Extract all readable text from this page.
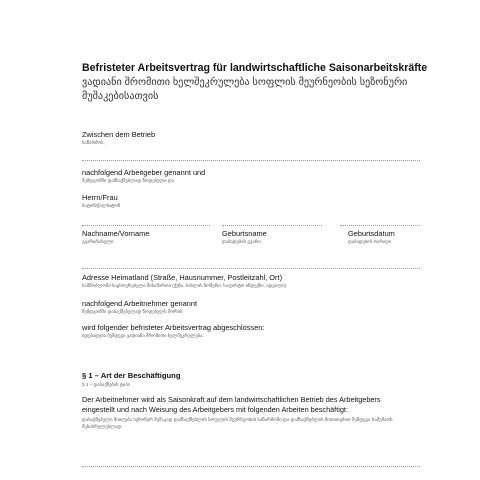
Befristeter Arbeitsvertrag für landwirtschaftliche Saisonarbeitskräfte
ვადიანი შრომითი ხელშეკრულება სოფლის მეურნეობის სეზონური მუშაკებისათვის
Zwischen dem Betrieb
საწარმოს,
nachfolgend Arbeitgeber genannt und
შემდგომში დამსაქმებლად წოდებული და
Herrn/Frau
ბატონ/ქალბატონ
Nachname/Vorname
გვარი/სახელი
Geburtsname
დაბადების გვარი
Geburtsdatum
დაბადების თარიღი
Adresse Heimatland (Straße, Hausnummer, Postleitzahl, Ort)
სამშობლოში საცხოვრებელი მისამართი (ქუჩა, სახლის ნომერი, საფოსტო ინდექსი, ადგილი)
nachfolgend Arbeitnehmer genannt
შემდგომში დასაქმებულად წოდებულს შორის
wird folgender befristeter Arbeitsvertrag abgeschlossen:
იდებადება შემდეგი ვადიანი შრომითი ხელშეკრულება:
§ 1 – Art der Beschäftigung
§ 1 – დასაქმების ტიპი
Der Arbeitnehmer wird als Saisonkraft auf dem landwirtschaftlichen Betrieb des Arbeitgebers eingestellt und nach Weisung des Arbeitgebers mit folgenden Arbeiten beschäftigt:
დასაქმებული მიიღება სეზონურ მუშაკად დამსაქმებლის სოფლის მეურნეობის საწარმოში და დამსაქმებლის მითითებით შემდეგი სამუშაოს შესასრულებლად:
